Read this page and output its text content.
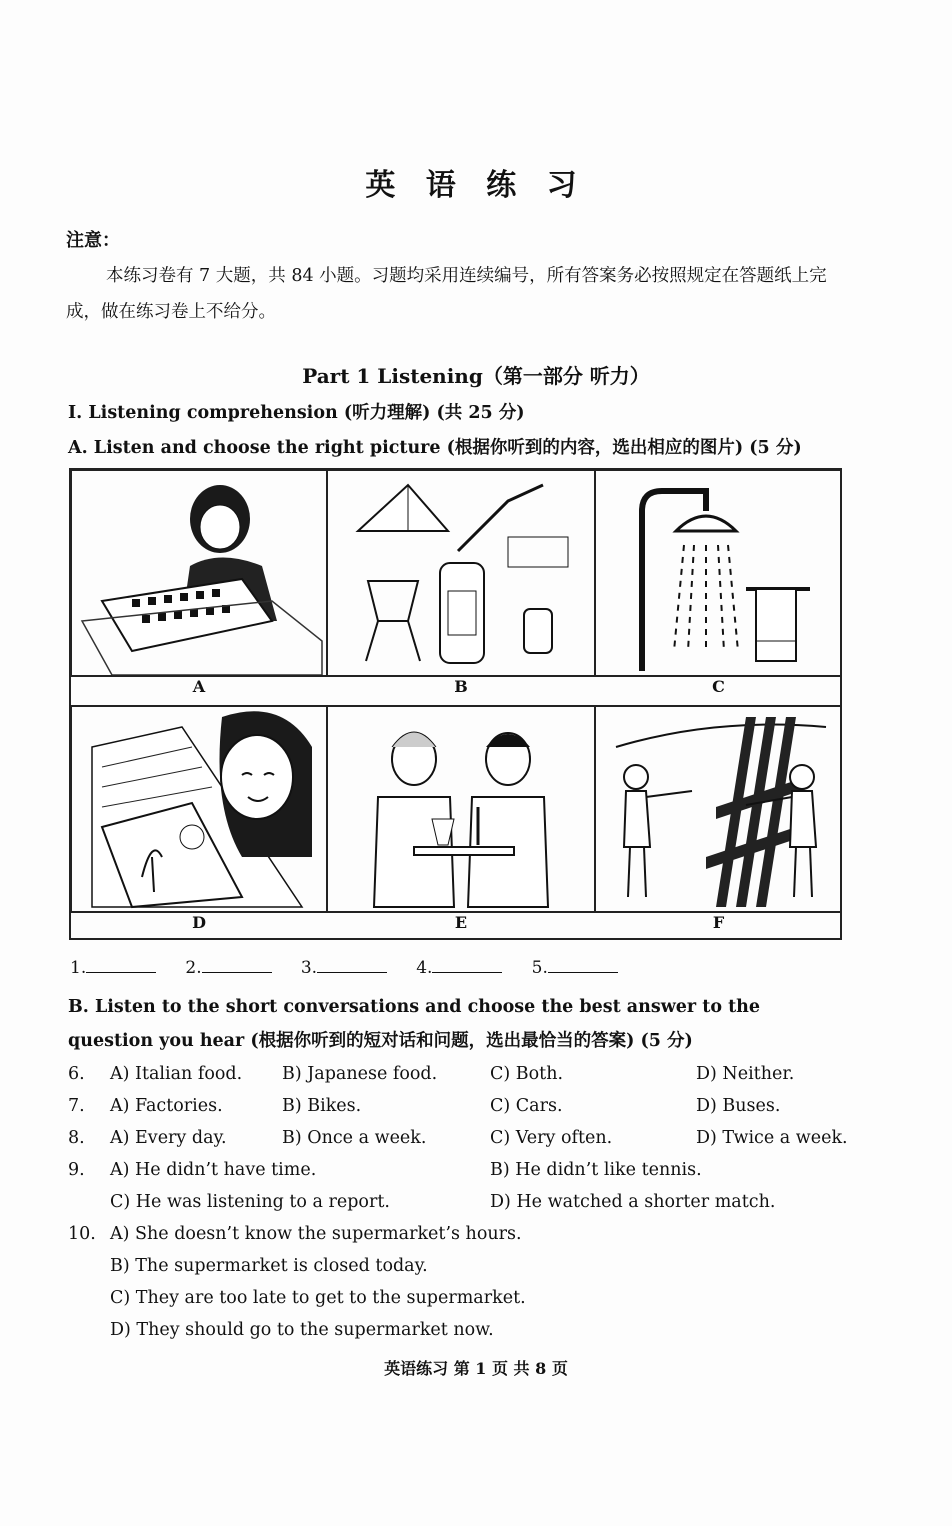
英 语 练 习
注意：
本练习卷有 7 大题，共 84 小题。习题均采用连续编号，所有答案务必按照规定在答题纸上完成，做在练习卷上不给分。
Part 1 Listening（第一部分 听力）
I. Listening comprehension (听力理解) (共 25 分)
A. Listen and choose the right picture (根据你听到的内容，选出相应的图片) (5 分)
A	B	C
D	E	F
1.	2.	3.	4.	5.
B. Listen to the short conversations and choose the best answer to the question you hear (根据你听到的短对话和问题，选出最恰当的答案) (5 分)
6. A) Italian food. B) Japanese food.	C) Both.	D) Neither.
7. A) Factories.	B) Bikes.	C) Cars.	D) Buses.
8. A) Every day.	B) Once a week.	C) Very often.	D) Twice a week.
9. A) He didn’t have time.	B) He didn’t like tennis.
C) He was listening to a report.	D) He watched a shorter match.
10. A) She doesn’t know the supermarket’s hours.
B) The supermarket is closed today.
C) They are too late to get to the supermarket.
D) They should go to the supermarket now.
英语练习 第 1 页 共 8 页
